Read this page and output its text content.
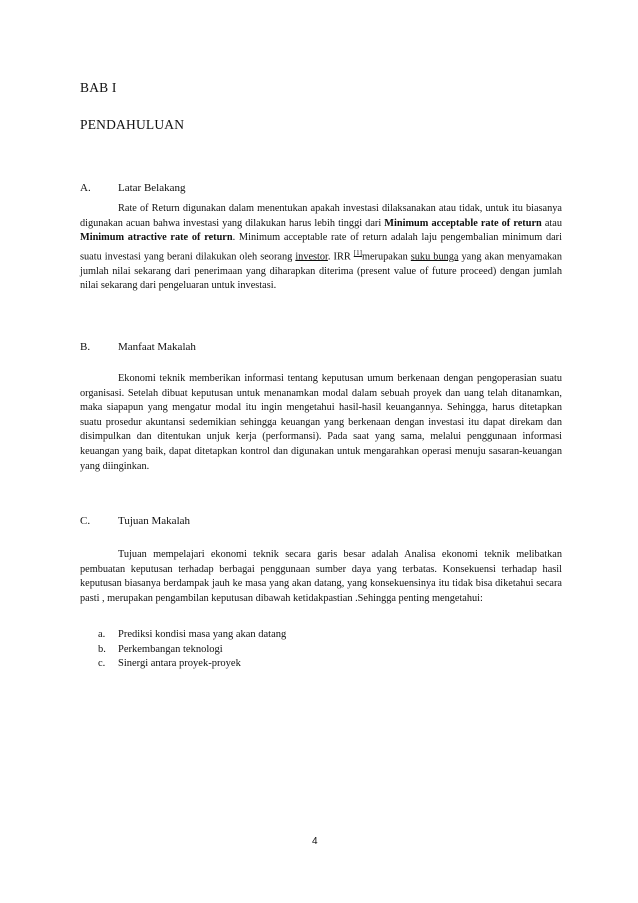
BAB I
PENDAHULUAN
A. Latar Belakang

Rate of Return digunakan dalam menentukan apakah investasi dilaksanakan atau tidak, untuk itu biasanya digunakan acuan bahwa investasi yang dilakukan harus lebih tinggi dari Minimum acceptable rate of return atau Minimum atractive rate of return. Minimum acceptable rate of return adalah laju pengembalian minimum dari suatu investasi yang berani dilakukan oleh seorang investor. IRR [1]merupakan suku bunga yang akan menyamakan jumlah nilai sekarang dari penerimaan yang diharapkan diterima (present value of future proceed) dengan jumlah nilai sekarang dari pengeluaran untuk investasi.

B.	Manfaat Makalah

Ekonomi teknik memberikan informasi tentang keputusan umum berkenaan dengan pengoperasian suatu organisasi. Setelah dibuat keputusan untuk menanamkan modal dalam sebuah proyek dan uang telah ditanamkan, maka siapapun yang mengatur modal itu ingin mengetahui hasil-hasil keuangannya. Sehingga, harus ditetapkan suatu prosedur akuntansi sedemikian sehingga keuangan yang berkenaan dengan investasi itu dapat direkam dan disimpulkan dan ditentukan unjuk kerja (performansi). Pada saat yang sama, melalui penggunaan informasi keuangan yang baik, dapat ditetapkan kontrol dan digunakan untuk mengarahkan operasi menuju sasaran-keuangan yang diinginkan.

C.	Tujuan Makalah

Tujuan mempelajari ekonomi teknik secara garis besar adalah Analisa ekonomi teknik melibatkan pembuatan keputusan terhadap berbagai penggunaan sumber daya yang terbatas. Konsekuensi terhadap hasil keputusan biasanya berdampak jauh ke masa yang akan datang, yang konsekuensinya itu tidak bisa diketahui secara pasti , merupakan pengambilan keputusan dibawah ketidakpastian .Sehingga penting mengetahui:

a.	Prediksi kondisi masa yang akan datang
b.	Perkembangan teknologi
c.	Sinergi antara proyek-proyek
4
